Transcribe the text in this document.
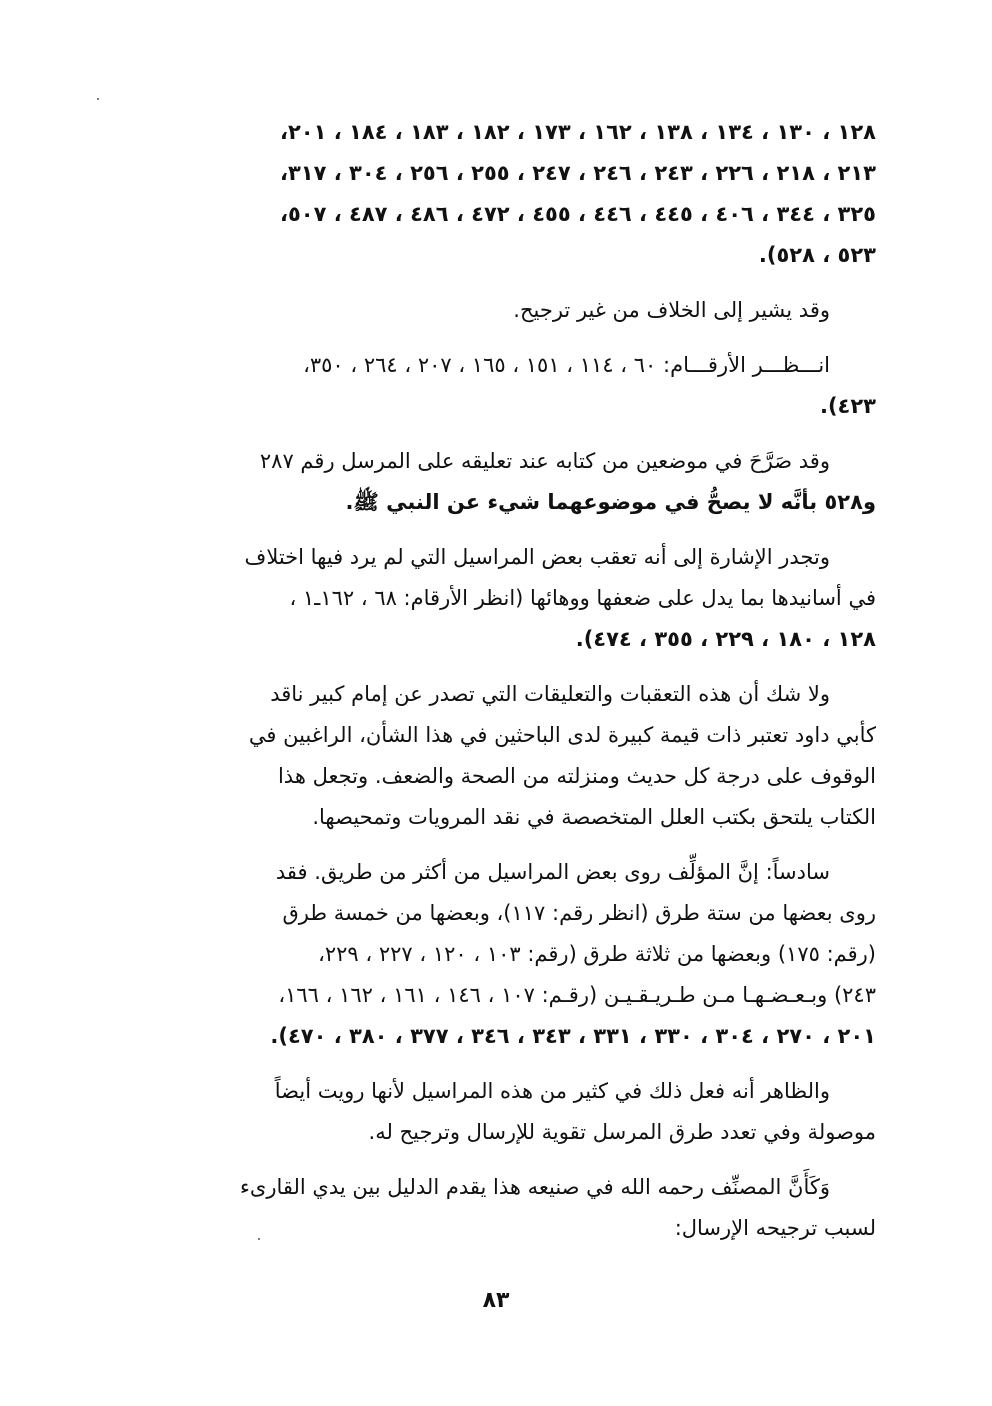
١٢٨ ، ١٣٠ ، ١٣٤ ، ١٣٨ ، ١٦٢ ، ١٧٣ ، ١٨٢ ، ١٨٣ ، ١٨٤ ، ٢٠١،
٢١٣ ، ٢١٨ ، ٢٢٦ ، ٢٤٣ ، ٢٤٦ ، ٢٤٧ ، ٢٥٥ ، ٢٥٦ ، ٣٠٤ ، ٣١٧،
٣٢٥ ، ٣٤٤ ، ٤٠٦ ، ٤٤٥ ، ٤٤٦ ، ٤٥٥ ، ٤٧٢ ، ٤٨٦ ، ٤٨٧ ، ٥٠٧،
٥٢٣ ، ٥٢٨).
وقد يشير إلى الخلاف من غير ترجيح.
انـــظـــر الأرقـــام: ٦٠ ، ١١٤ ، ١٥١ ، ١٦٥ ، ٢٠٧ ، ٢٦٤ ، ٣٥٠،
٤٢٣).
وقد صَرَّحَ في موضعين من كتابه عند تعليقه على المرسل رقم ٢٨٧
و٥٢٨ بأنَّه لا يصحُّ في موضوعهما شيء عن النبي ﷺ.
وتجدر الإشارة إلى أنه تعقب بعض المراسيل التي لم يرد فيها اختلاف
في أسانيدها بما يدل على ضعفها ووهائها (انظر الأرقام: ٦٨ ، ١٦٢ـ١ ،
١٢٨ ، ١٨٠ ، ٢٢٩ ، ٣٥٥ ، ٤٧٤).
ولا شك أن هذه التعقبات والتعليقات التي تصدر عن إمام كبير ناقد
كأبي داود تعتبر ذات قيمة كبيرة لدى الباحثين في هذا الشأن، الراغبين في
الوقوف على درجة كل حديث ومنزلته من الصحة والضعف. وتجعل هذا
الكتاب يلتحق بكتب العلل المتخصصة في نقد المرويات وتمحيصها.
سادساً: إنَّ المؤلِّف روى بعض المراسيل من أكثر من طريق. فقد
روى بعضها من ستة طرق (انظر رقم: ١١٧)، وبعضها من خمسة طرق
(رقم: ١٧٥) وبعضها من ثلاثة طرق (رقم: ١٠٣ ، ١٢٠ ، ٢٢٧ ، ٢٢٩،
٢٤٣) وبـعـضـهـا مـن طـريـقـيـن (رقـم: ١٠٧ ، ١٤٦ ، ١٦١ ، ١٦٢ ، ١٦٦،
٢٠١ ، ٢٧٠ ، ٣٠٤ ، ٣٣٠ ، ٣٣١ ، ٣٤٣ ، ٣٤٦ ، ٣٧٧ ، ٣٨٠ ، ٤٧٠).
والظاهر أنه فعل ذلك في كثير من هذه المراسيل لأنها رويت أيضاً
موصولة وفي تعدد طرق المرسل تقوية للإرسال وترجيح له.
وَكَأَنَّ المصنِّف رحمه الله في صنيعه هذا يقدم الدليل بين يدي القارىء
لسبب ترجيحه الإرسال:
٨٣
